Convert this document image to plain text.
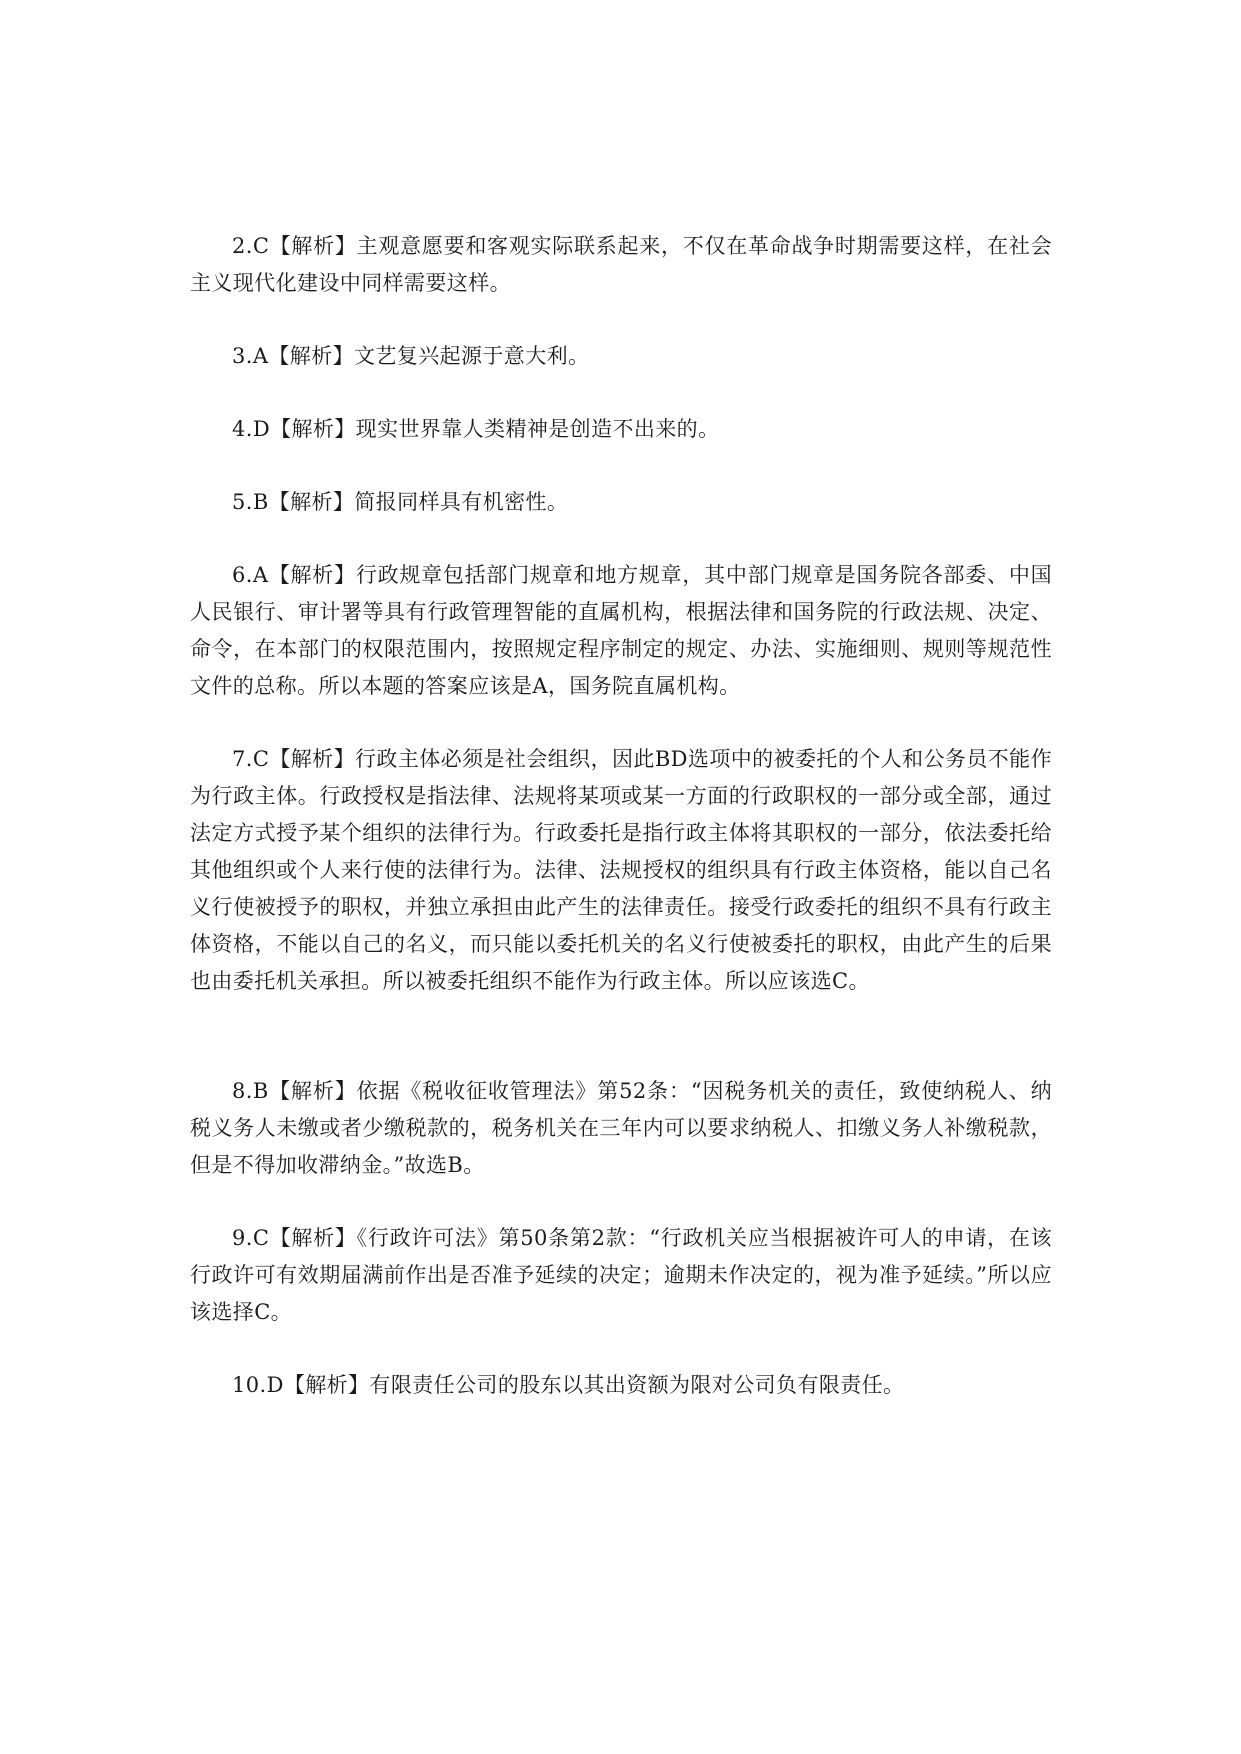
2.C【解析】主观意愿要和客观实际联系起来，不仅在革命战争时期需要这样，在社会主义现代化建设中同样需要这样。

3.A【解析】文艺复兴起源于意大利。

4.D【解析】现实世界靠人类精神是创造不出来的。

5.B【解析】简报同样具有机密性。

6.A【解析】行政规章包括部门规章和地方规章，其中部门规章是国务院各部委、中国人民银行、审计署等具有行政管理智能的直属机构，根据法律和国务院的行政法规、决定、命令，在本部门的权限范围内，按照规定程序制定的规定、办法、实施细则、规则等规范性文件的总称。所以本题的答案应该是A，国务院直属机构。

7.C【解析】行政主体必须是社会组织，因此BD选项中的被委托的个人和公务员不能作为行政主体。行政授权是指法律、法规将某项或某一方面的行政职权的一部分或全部，通过法定方式授予某个组织的法律行为。行政委托是指行政主体将其职权的一部分，依法委托给其他组织或个人来行使的法律行为。法律、法规授权的组织具有行政主体资格，能以自己名义行使被授予的职权，并独立承担由此产生的法律责任。接受行政委托的组织不具有行政主体资格，不能以自己的名义，而只能以委托机关的名义行使被委托的职权，由此产生的后果也由委托机关承担。所以被委托组织不能作为行政主体。所以应该选C。

8.B【解析】依据《税收征收管理法》第52条：“因税务机关的责任，致使纳税人、纳税义务人未缴或者少缴税款的，税务机关在三年内可以要求纳税人、扣缴义务人补缴税款，但是不得加收滞纳金。”故选B。

9.C【解析】《行政许可法》第50条第2款：“行政机关应当根据被许可人的申请，在该行政许可有效期届满前作出是否准予延续的决定；逾期未作决定的，视为准予延续。”所以应该选择C。

10.D【解析】有限责任公司的股东以其出资额为限对公司负有限责任。
